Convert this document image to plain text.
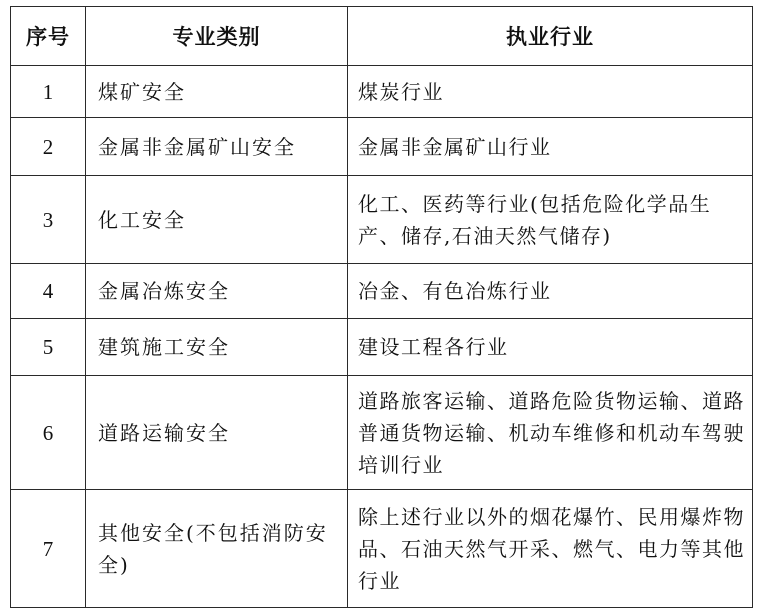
序号	专业类别	执业行业
1	煤矿安全	煤炭行业
2	金属非金属矿山安全	金属非金属矿山行业
3	化工安全	化工、医药等行业(包括危险化学品生产、储存,石油天然气储存)
4	金属冶炼安全	冶金、有色冶炼行业
5	建筑施工安全	建设工程各行业
6	道路运输安全	道路旅客运输、道路危险货物运输、道路普通货物运输、机动车维修和机动车驾驶培训行业
7	其他安全(不包括消防安全)	除上述行业以外的烟花爆竹、民用爆炸物品、石油天然气开采、燃气、电力等其他行业
